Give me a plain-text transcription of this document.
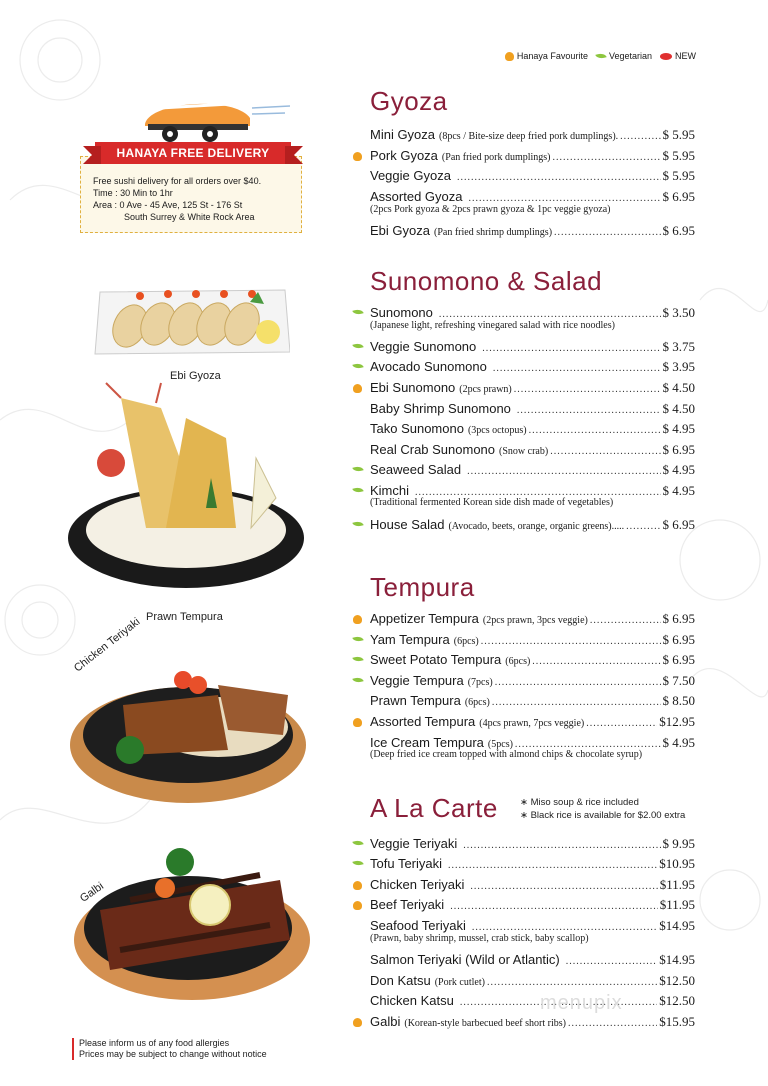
Hanaya Favourite Vegetarian	NEW
Free sushi delivery for all orders over $40.
Time : 30 Min to 1hr
Area : 0 Ave - 45 Ave, 125 St - 176 St
South Surrey & White Rock Area
HANAYA FREE DELIVERY
Ebi Gyoza
Prawn Tempura
Chicken Teriyaki
Galbi
Gyoza
Sunomono & Salad
Tempura
A La Carte ∗ Miso soup & rice included
∗ Black rice is available for $2.00 extra
Mini Gyoza (8pcs / Bite-size deep fried pork dumplings). .....	$ 5.95
Pork Gyoza (Pan fried pork dumplings) .....	$ 5.95
Veggie Gyoza .....	$ 5.95
Assorted Gyoza .....	$ 6.95
Ebi Gyoza (Pan fried shrimp dumplings) .....	$ 6.95
Sunomono .....	$ 3.50
Veggie Sunomono .....	$ 3.75
Avocado Sunomono .....	$ 3.95
Ebi Sunomono (2pcs prawn) .....	$ 4.50
Baby Shrimp Sunomono .....	$ 4.50
Tako Sunomono (3pcs octopus) .....	$ 4.95
Real Crab Sunomono (Snow crab) .....	$ 6.95
Seaweed Salad .....	$ 4.95
Kimchi .....	$ 4.95
House Salad (Avocado, beets, orange, organic greens)..... .....	$ 6.95
Appetizer Tempura (2pcs prawn, 3pcs veggie) .....	$ 6.95
Yam Tempura (6pcs) .....	$ 6.95
Sweet Potato Tempura (6pcs) .....	$ 6.95
Veggie Tempura (7pcs) .....	$ 7.50
Prawn Tempura (6pcs) .....	$ 8.50
Assorted Tempura (4pcs prawn, 7pcs veggie) .....	$12.95
Ice Cream Tempura (5pcs) .....	$ 4.95
Veggie Teriyaki .....	$ 9.95
Tofu Teriyaki .....	$10.95
Chicken Teriyaki .....	$11.95
Beef Teriyaki .....	$11.95
Seafood Teriyaki .....	$14.95
Salmon Teriyaki (Wild or Atlantic) .....	$14.95
Don Katsu (Pork cutlet) .....	$12.50
Chicken Katsu .....	$12.50
Galbi (Korean-style barbecued beef short ribs) .....	$15.95
(2pcs Pork gyoza & 2pcs prawn gyoza & 1pc veggie gyoza)
(Japanese light, refreshing vinegared salad with rice noodles)
(Traditional fermented Korean side dish made of vegetables)
(Deep fried ice cream topped with almond chips & chocolate syrup)
(Prawn, baby shrimp, mussel, crab stick, baby scallop)
menupix
Please inform us of any food allergies
Prices may be subject to change without notice
